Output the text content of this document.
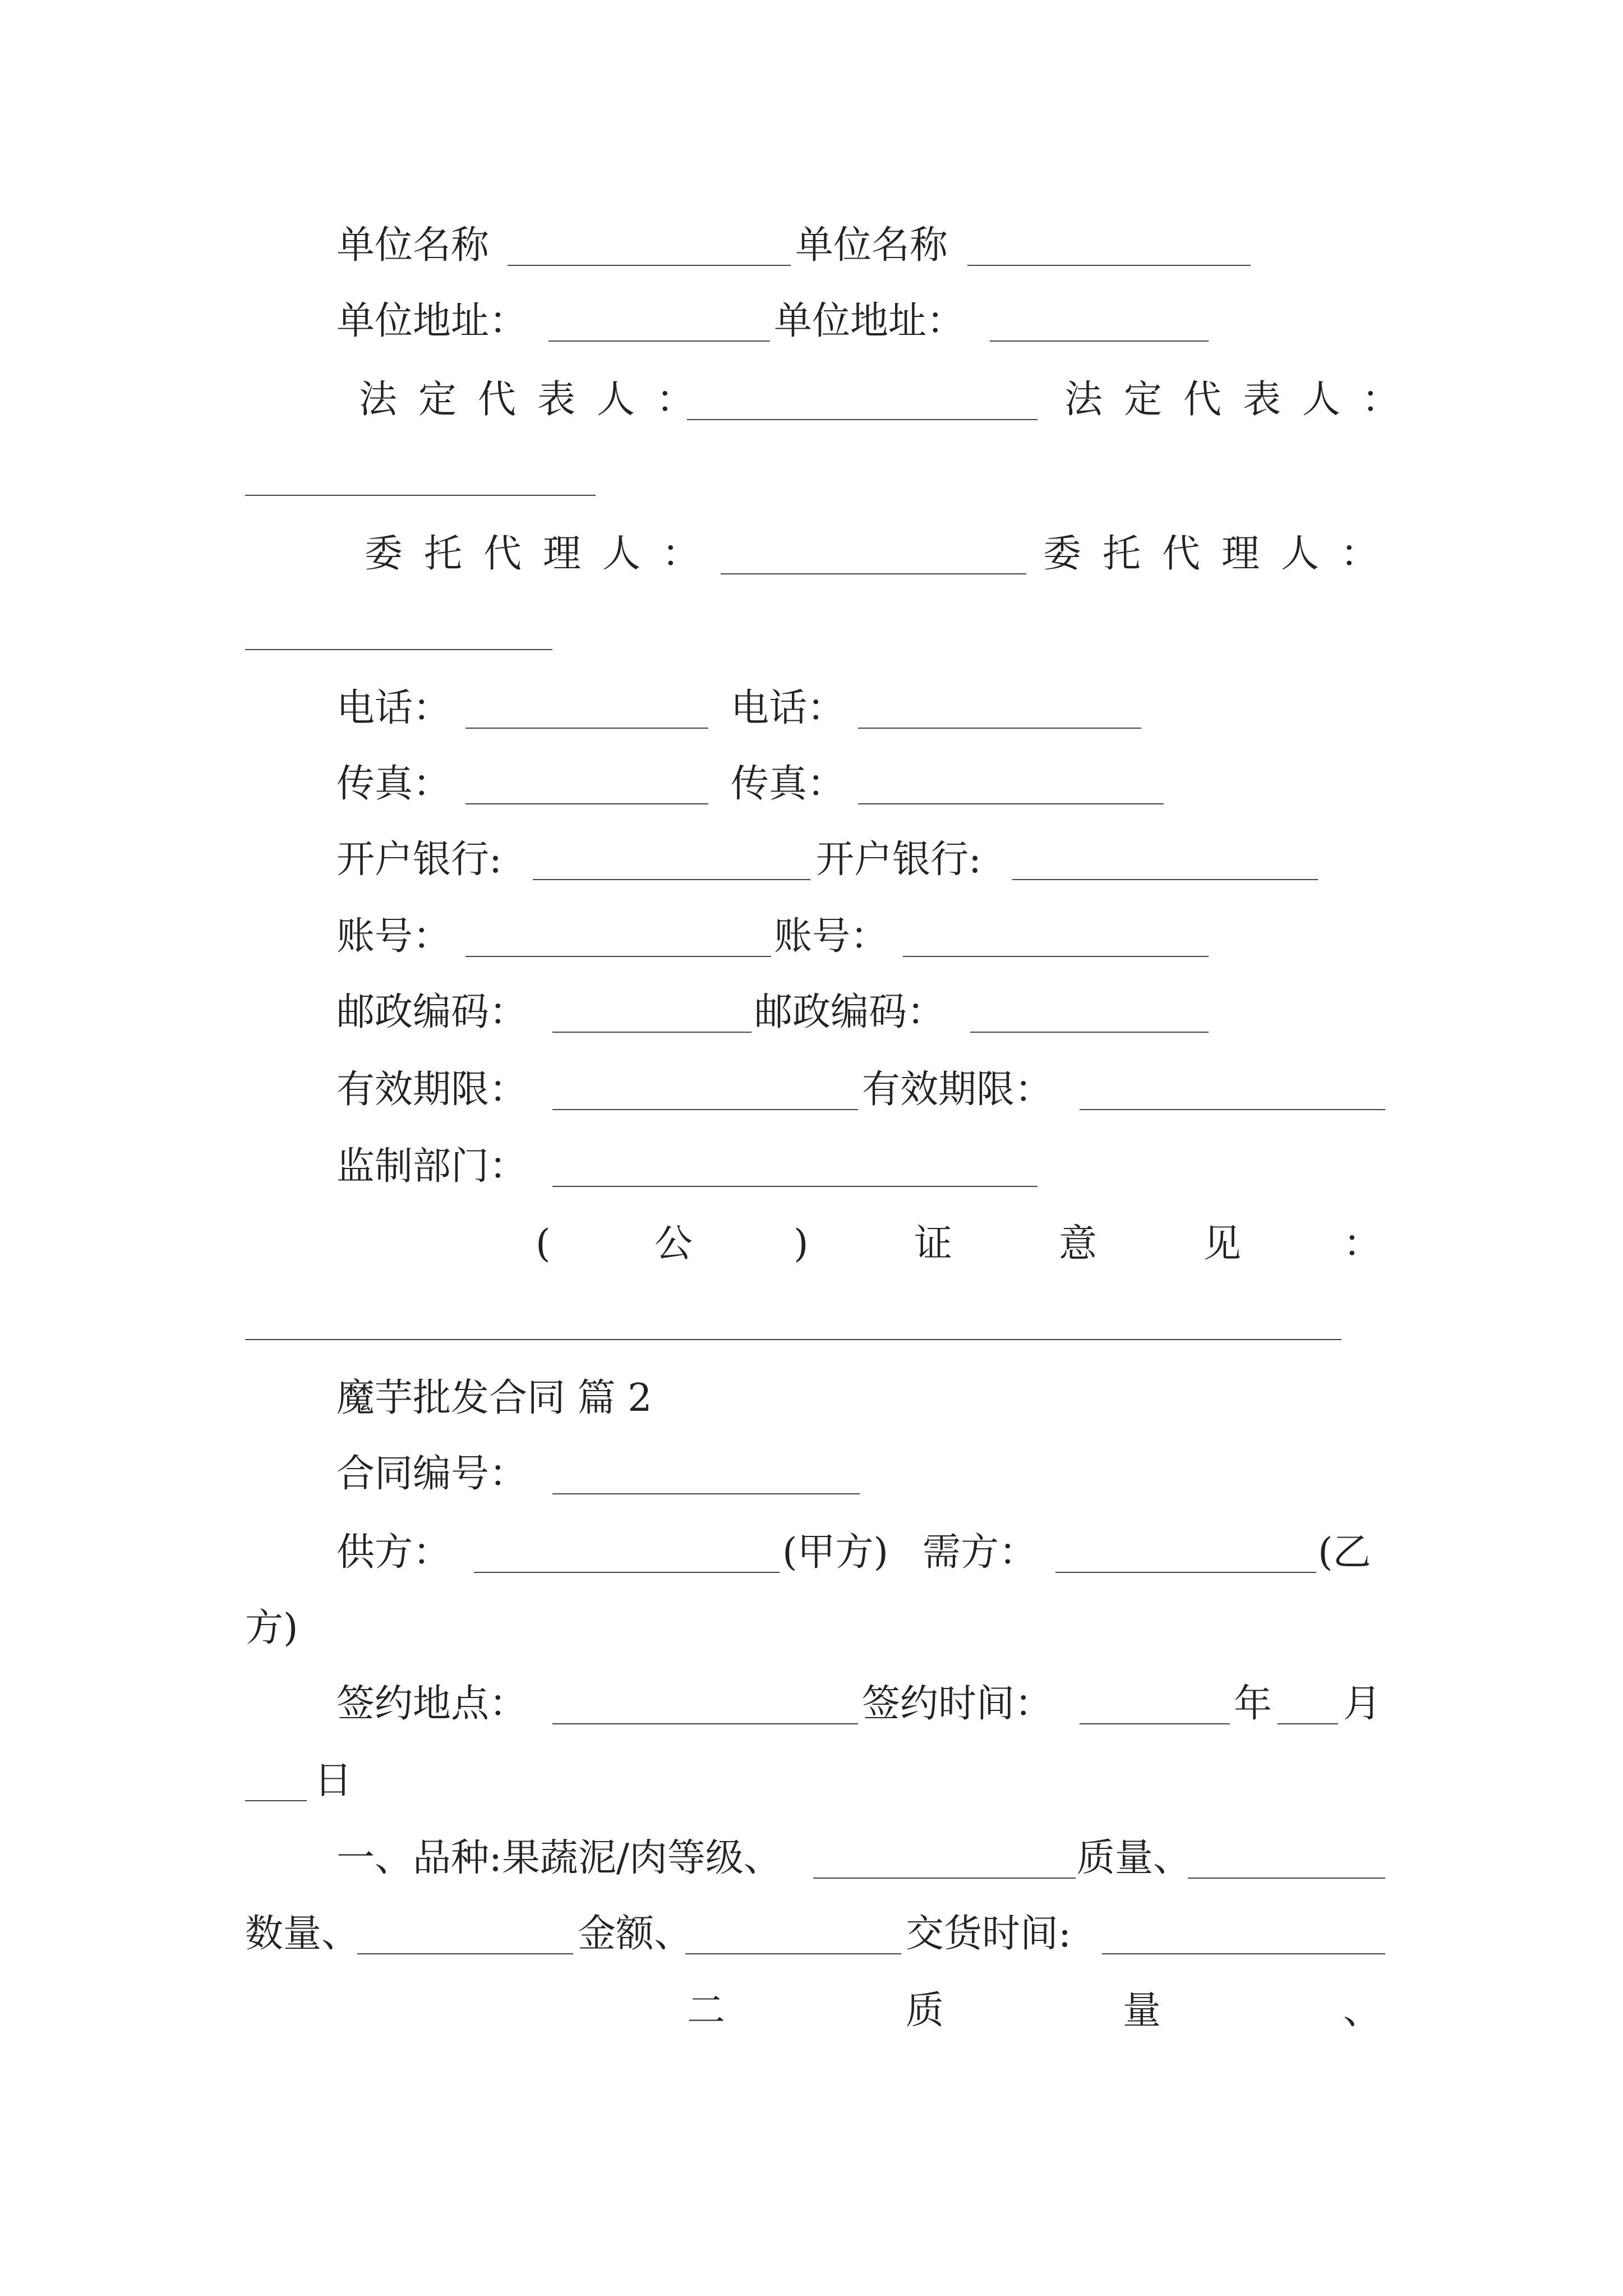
单位名称	单位名称
单位地址：	单位地址：
法定代表人：	法定代表人：
委托代理人：	委托代理人：
电话：	电话：
传真：	传真：
开户银行:	开户银行:
账号：	账号：
邮政编码：	邮政编码：
有效期限：	有效期限：
监制部门：
(	公	)	证	意	见	：
魔芋批发合同 篇 2
合同编号：
供方：	(甲方) 需方：	(乙
方)
签约地点：	签约时间：	年 月
日
一、品种:果蔬泥/肉等级、	质量、
数量、	金额、	交货时间:
二	质	量	、
